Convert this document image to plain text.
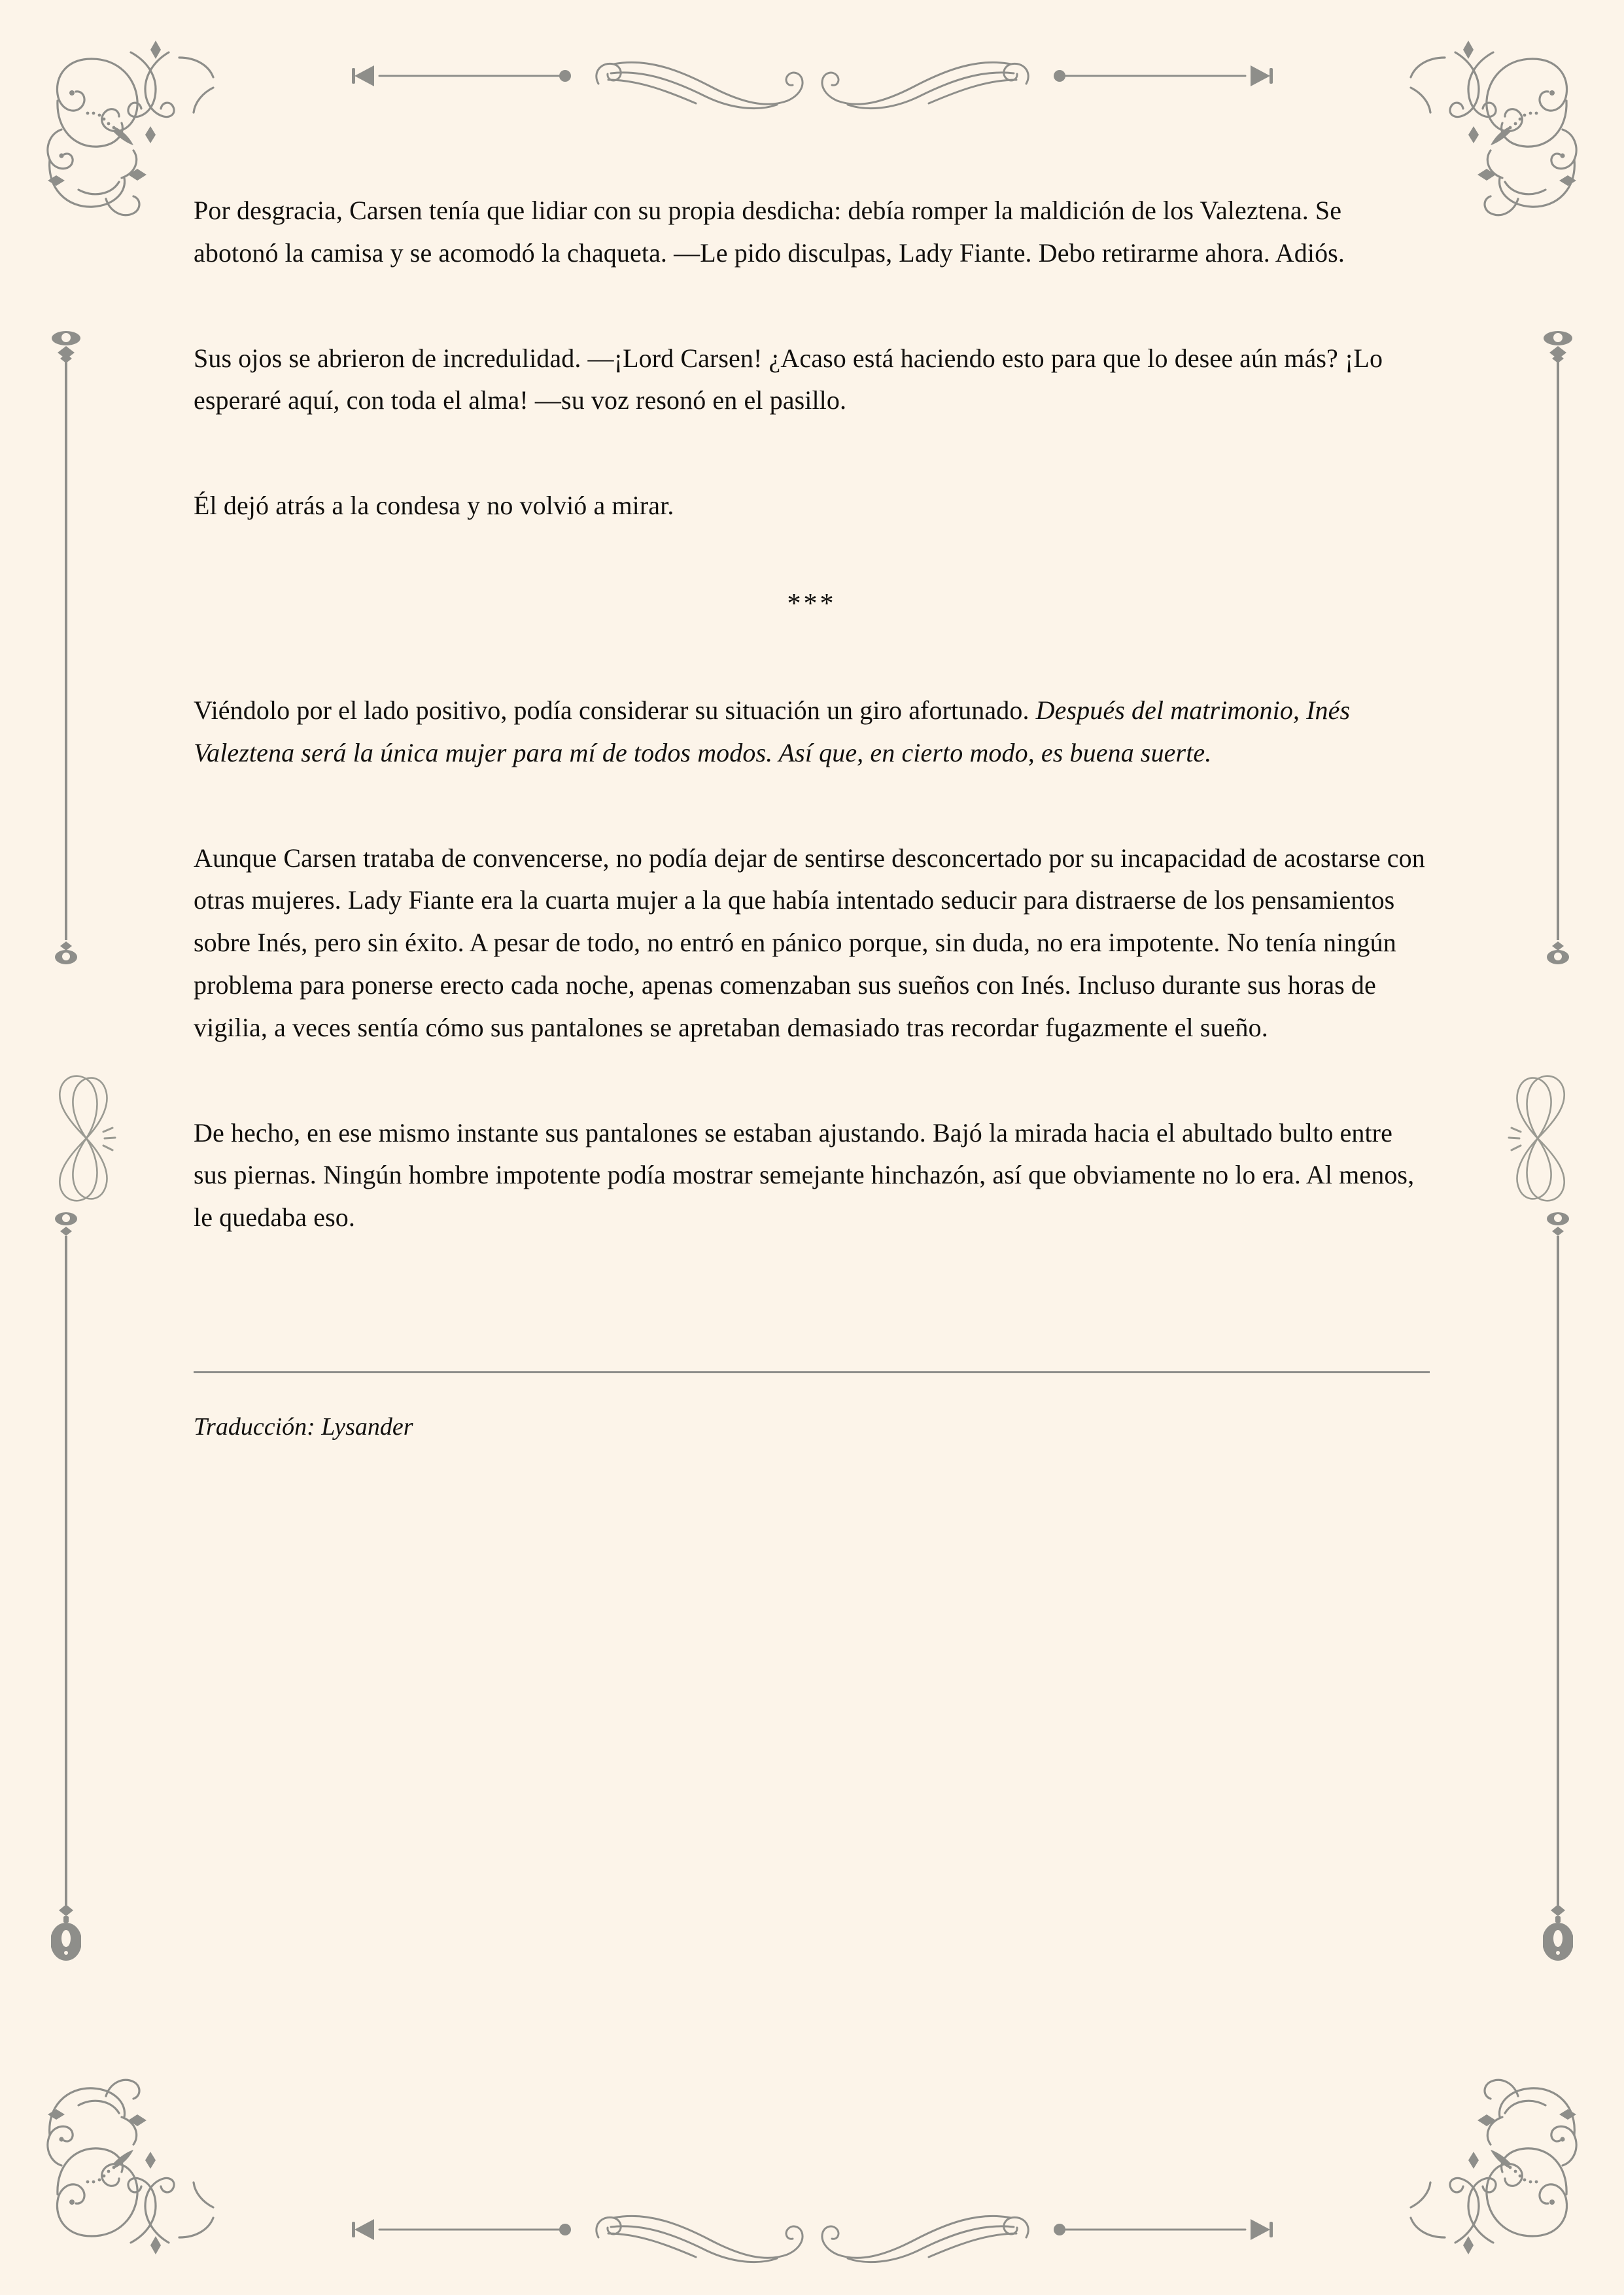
Por desgracia, Carsen tenía que lidiar con su propia desdicha: debía romper la maldición de los Valeztena. Se abotonó la camisa y se acomodó la chaqueta. —Le pido disculpas, Lady Fiante. Debo retirarme ahora. Adiós.

Sus ojos se abrieron de incredulidad. —¡Lord Carsen! ¿Acaso está haciendo esto para que lo desee aún más? ¡Lo esperaré aquí, con toda el alma! —su voz resonó en el pasillo.

Él dejó atrás a la condesa y no volvió a mirar.

***

Viéndolo por el lado positivo, podía considerar su situación un giro afortunado. Después del matrimonio, Inés Valeztena será la única mujer para mí de todos modos. Así que, en cierto modo, es buena suerte.

Aunque Carsen trataba de convencerse, no podía dejar de sentirse desconcertado por su incapacidad de acostarse con otras mujeres. Lady Fiante era la cuarta mujer a la que había intentado seducir para distraerse de los pensamientos sobre Inés, pero sin éxito. A pesar de todo, no entró en pánico porque, sin duda, no era impotente. No tenía ningún problema para ponerse erecto cada noche, apenas comenzaban sus sueños con Inés. Incluso durante sus horas de vigilia, a veces sentía cómo sus pantalones se apretaban demasiado tras recordar fugazmente el sueño.

De hecho, en ese mismo instante sus pantalones se estaban ajustando. Bajó la mirada hacia el abultado bulto entre sus piernas. Ningún hombre impotente podía mostrar semejante hinchazón, así que obviamente no lo era. Al menos, le quedaba eso.

Traducción: Lysander
